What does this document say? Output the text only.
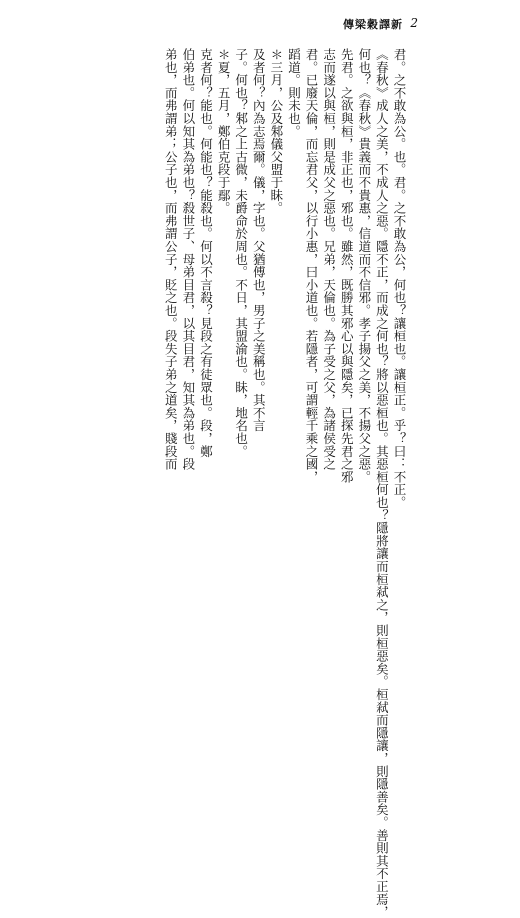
傳梁穀譯新 2
君。之不敢為公。也。君。之不敢為公，何也？讓桓也。讓桓正。乎？曰：不正。
《春秋》成人之美，不成人之惡。隱不正，而成之何也？將以惡桓也。其惡桓何也？隱將讓而桓弒之，則桓惡矣。桓弒而隱讓，則隱善矣。善則其不正焉，
何也？《春秋》貴義而不貴惠，信道而不信邪。孝子揚父之美，不揚父之惡。
先君。之欲與桓，非正也，邪也。雖然，既勝其邪心以與隱矣，已探先君之邪
志而遂以與桓，則是成父之惡也。兄弟，天倫也。為子受之父，為諸侯受之
君。已廢天倫，而忘君父，以行小惠，曰小道也。若隱者，可謂輕千乘之國，
蹈道。則未也。
＊三月，公及邾儀父盟于眛。
及者何？內為志焉爾。儀，字也。父猶傅也，男子之美稱也。其不言
子。何也？邾之上古微，未爵命於周也。不日，其盟渝也。眛，地名也。
＊夏，五月，鄭伯克段于鄢。
克者何？能也。何能也？能殺也。何以不言殺？見段之有徒眾也。段，鄭
伯弟也。何以知其為弟也？殺世子、母弟目君，以其目君，知其為弟也。段
弟也，而弗謂弟；公子也，而弗謂公子，貶之也。段失子弟之道矣，賤段而
